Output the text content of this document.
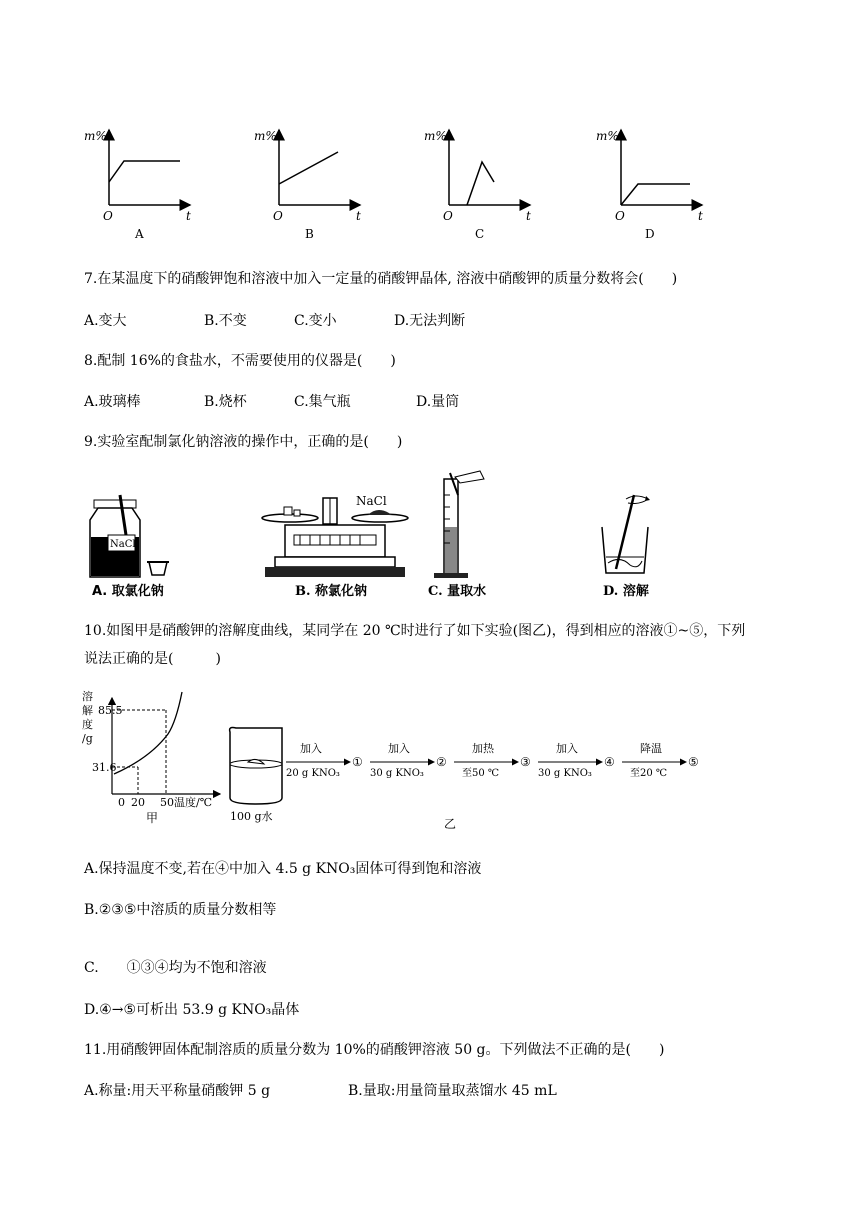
m%
O	t
A
m%
O	t
B
m%
O	t
C
m%
O	t
D
7.在某温度下的硝酸钾饱和溶液中加入一定量的硝酸钾晶体, 溶液中硝酸钾的质量分数将会(　　)
A.变大	B.不变	C.变小	D.无法判断
8.配制 16%的食盐水，不需要使用的仪器是(　　)
A.玻璃棒	B.烧杯	C.集气瓶	D.量筒
9.实验室配制氯化钠溶液的操作中，正确的是(　　)
NaCl
NaCl
A. 取氯化钠	B. 称氯化钠	C. 量取水	D. 溶解
10.如图甲是硝酸钾的溶解度曲线，某同学在 20 ℃时进行了如下实验(图乙)，得到相应的溶液①~⑤，下列
说法正确的是(　　　)
溶
解
度
/g
85.5
31.6
0 20 50 温度/℃
甲	100 g水
加入
20 g KNO₃
①
加入
30 g KNO₃
②
加热
至50 ℃
③
加入
30 g KNO₃
④
降温
至20 ℃
⑤
乙
A.保持温度不变,若在④中加入 4.5 g KNO₃固体可得到饱和溶液
B.②③⑤中溶质的质量分数相等
C.　　①③④均为不饱和溶液
D.④→⑤可析出 53.9 g KNO₃晶体
11.用硝酸钾固体配制溶质的质量分数为 10%的硝酸钾溶液 50 g。下列做法不正确的是(　　)
A.称量:用天平称量硝酸钾 5 g	B.量取:用量筒量取蒸馏水 45 mL
